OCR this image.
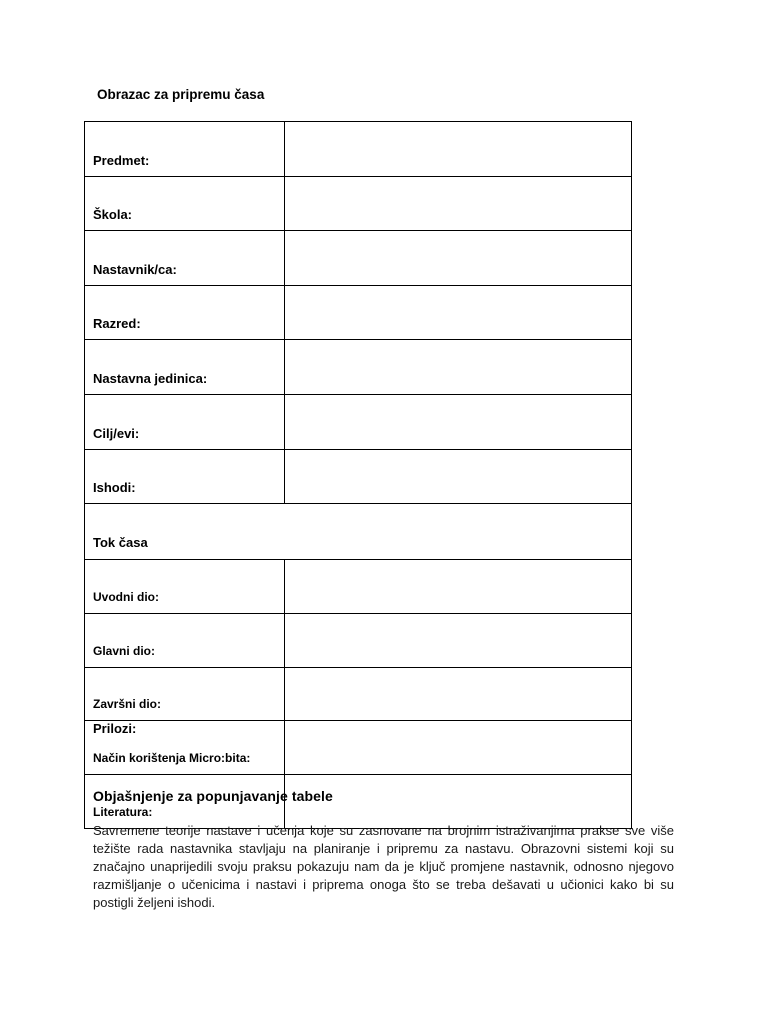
Obrazac za pripremu časa
Predmet:	
Škola:	
Nastavnik/ca:	
Razred:	
Nastavna jedinica:	
Cilj/evi:	
Ishodi:	
Tok časa	
Uvodni dio:	
Glavni dio:	
Završni dio:	
Način korištenja Micro:bita:	
Literatura:	
Prilozi:
Objašnjenje za popunjavanje tabele

Savremene teorije nastave i učenja koje su zasnovane na brojnim istraživanjima prakse sve više težište rada nastavnika stavljaju na planiranje i pripremu za nastavu. Obrazovni sistemi koji su značajno unaprijedili svoju praksu pokazuju nam da je ključ promjene nastavnik, odnosno njegovo razmišljanje o učenicima i nastavi i priprema onoga što se treba dešavati u učionici kako bi su postigli željeni ishodi.
